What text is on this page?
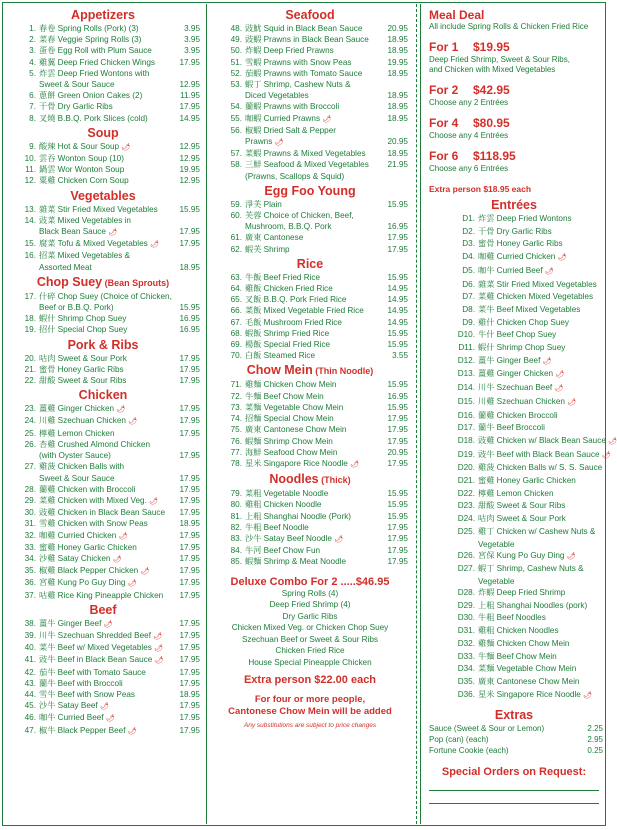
Appetizers
1. 春卷 Spring Rolls (Pork) (3)	3.95
2. 菜春 Veggie Spring Rolls (3)	3.95
3. 蛋卷 Egg Roll with Plum Sauce	3.95
4. 雞翼 Deep Fried Chicken Wings	17.95
5. 炸雲 Deep Fried Wontons with
Sweet & Sour Sauce	12.95
6. 蔥餅 Green Onion Cakes (2)	11.95
7. 干骨 Dry Garlic Ribs	17.95
8. 叉燒 B.B.Q. Pork Slices (cold)	14.95
Soup
9. 酸辣 Hot & Sour Soup 🌶	12.95
10. 雲吞 Wonton Soup (10)	12.95
11. 鍋雲 Wor Wonton Soup	19.95
12. 粟雞 Chicken Corn Soup	12.95
Vegetables
13. 雜菜 Stir Fried Mixed Vegetables	15.95
14. 豉菜 Mixed Vegetables in
Black Bean Sauce 🌶	17.95
15. 腐菜 Tofu & Mixed Vegetables 🌶	17.95
16. 招菜 Mixed Vegetables &
Assorted Meat	18.95
Chop Suey (Bean Sprouts)
17. 什碎 Chop Suey (Choice of Chicken,
Beef or B.B.Q. Pork)	15.95
18. 蝦什 Shrimp Chop Suey	16.95
19. 招什 Special Chop Suey	16.95
Pork & Ribs
20. 咕肉 Sweet & Sour Pork	17.95
21. 蜜骨 Honey Garlic Ribs	17.95
22. 甜酸 Sweet & Sour Ribs	17.95
Chicken
23. 薑雞 Ginger Chicken 🌶	17.95
24. 川雞 Szechuan Chicken 🌶	17.95
25. 檸雞 Lemon Chicken	17.95
26. 杏雞 Crushed Almond Chicken
(with Oyster Sauce)	17.95
27. 雞菠 Chicken Balls with
Sweet & Sour Sauce	17.95
28. 蘭雞 Chicken with Broccoli	17.95
29. 菜雞 Chicken with Mixed Veg. 🌶	17.95
30. 豉雞 Chicken in Black Bean Sauce	17.95
31. 雪雞 Chicken with Snow Peas	18.95
32. 咖雞 Curried Chicken 🌶	17.95
33. 蜜雞 Honey Garlic Chicken	17.95
34. 沙雞 Satay Chicken 🌶	17.95
35. 椒雞 Black Pepper Chicken 🌶	17.95
36. 宮雞 Kung Po Guy Ding 🌶	17.95
37. 咕雞 Rice King Pineapple Chicken	17.95
Beef
38. 薑牛 Ginger Beef 🌶	17.95
39. 川牛 Szechuan Shredded Beef 🌶	17.95
40. 菜牛 Beef w/ Mixed Vegetables 🌶	17.95
41. 豉牛 Beef in Black Bean Sauce 🌶	17.95
42. 茄牛 Beef with Tomato Sauce	17.95
43. 蘭牛 Beef with Broccoli	17.95
44. 雪牛 Beef with Snow Peas	18.95
45. 沙牛 Satay Beef 🌶	17.95
46. 咖牛 Curried Beef 🌶	17.95
47. 椒牛 Black Pepper Beef 🌶	17.95
Seafood
48. 豉魷 Squid in Black Bean Sauce	20.95
49. 豉蝦 Prawns in Black Bean Sauce	18.95
50. 炸蝦 Deep Fried Prawns	18.95
51. 雪蝦 Prawns with Snow Peas	19.95
52. 茄蝦 Prawns with Tomato Sauce	18.95
53. 蝦丁 Shrimp, Cashew Nuts &
Diced Vegetables	18.95
54. 蘭蝦 Prawns with Broccoli	18.95
55. 咖蝦 Curried Prawns 🌶	18.95
56. 椒蝦 Dried Salt & Pepper
Prawns 🌶	20.95
57. 菜蝦 Prawns & Mixed Vegetables	18.95
58. 三鮮 Seafood & Mixed Vegetables	21.95
(Prawns, Scallops & Squid)
Egg Foo Young
59. 淨芙 Plain	15.95
60. 芙蓉 Choice of Chicken, Beef,
Mushroom, B.B.Q. Pork	16.95
61. 廣東 Cantonese	17.95
62. 蝦芙 Shrimp	17.95
Rice
63. 牛飯 Beef Fried Rice	15.95
64. 雞飯 Chicken Fried Rice	14.95
65. 叉飯 B.B.Q. Pork Fried Rice	14.95
66. 菜飯 Mixed Vegetable Fried Rice	14.95
67. 毛飯 Mushroom Fried Rice	14.95
68. 蝦飯 Shrimp Fried Rice	15.95
69. 楊飯 Special Fried Rice	15.95
70. 白飯 Steamed Rice	3.55
Chow Mein (Thin Noodle)
71. 雞麵 Chicken Chow Mein	15.95
72. 牛麵 Beef Chow Mein	16.95
73. 菜麵 Vegetable Chow Mein	15.95
74. 招麵 Special Chow Mein	17.95
75. 廣東 Cantonese Chow Mein	17.95
76. 蝦麵 Shrimp Chow Mein	17.95
77. 海鮮 Seafood Chow Mein	20.95
78. 星米 Singapore Rice Noodle 🌶	17.95
Noodles (Thick)
79. 菜粗 Vegetable Noodle	15.95
80. 雞粗 Chicken Noodle	15.95
81. 上粗 Shanghai Noodle (Pork)	15.95
82. 牛粗 Beef Noodle	17.95
83. 沙牛 Satay Beef Noodle 🌶	17.95
84. 牛河 Beef Chow Fun	17.95
85. 蝦麵 Shrimp & Meat Noodle	17.95
Deluxe Combo For 2 .....$46.95
Spring Rolls (4)
Deep Fried Shrimp (4)
Dry Garlic Ribs
Chicken Mixed Veg. or Chicken Chop Suey
Szechuan Beef or Sweet & Sour Ribs
Chicken Fried Rice
House Special Pineapple Chicken
Extra person $22.00 each
For four or more people,
Cantonese Chow Mein will be added
Any substitutions are subject to price changes
Meal Deal
All include Spring Rolls & Chicken Fried Rice
For 1 $19.95
Deep Fried Shrimp, Sweet & Sour Ribs,
and Chicken with Mixed Vegetables
For 2 $42.95
Choose any 2 Entrées
For 4 $80.95
Choose any 4 Entrées
For 6 $118.95
Choose any 6 Entrées
Extra person $18.95 each
Entrées
D1. 炸雲 Deep Fried Wontons
D2. 干骨 Dry Garlic Ribs
D3. 蜜骨 Honey Garlic Ribs
D4. 咖雞 Curried Chicken 🌶
D5. 咖牛 Curried Beef 🌶
D6. 雜菜 Stir Fried Mixed Vegetables
D7. 菜雞 Chicken Mixed Vegetables
D8. 菜牛 Beef Mixed Vegetables
D9. 雞什 Chicken Chop Suey
D10. 牛什 Beef Chop Suey
D11. 蝦什 Shrimp Chop Suey
D12. 薑牛 Ginger Beef 🌶
D13. 薑雞 Ginger Chicken 🌶
D14. 川牛 Szechuan Beef 🌶
D15. 川雞 Szechuan Chicken 🌶
D16. 蘭雞 Chicken Broccoli
D17. 蘭牛 Beef Broccoli
D18. 豉雞 Chicken w/ Black Bean Sauce 🌶
D19. 豉牛 Beef with Black Bean Sauce 🌶
D20. 雞菠 Chicken Balls w/ S. S. Sauce
D21. 蜜雞 Honey Garlic Chicken
D22. 檸雞 Lemon Chicken
D23. 甜酸 Sweet & Sour Ribs
D24. 咕肉 Sweet & Sour Pork
D25. 雞丁 Chicken w/ Cashew Nuts &
Vegetable
D26. 宮保 Kung Po Guy Ding 🌶
D27. 蝦丁 Shrimp, Cashew Nuts &
Vegetable
D28. 炸蝦 Deep Fried Shrimp
D29. 上粗 Shanghai Noodles (pork)
D30. 牛粗 Beef Noodles
D31. 雞粗 Chicken Noodles
D32. 雞麵 Chicken Chow Mein
D33. 牛麵 Beef Chow Mein
D34. 菜麵 Vegetable Chow Mein
D35. 廣東 Cantonese Chow Mein
D36. 星米 Singapore Rice Noodle 🌶
Extras
Sauce (Sweet & Sour or Lemon)	2.25
Pop (can) (each)	2.95
Fortune Cookie (each)	0.25
Special Orders on Request:
